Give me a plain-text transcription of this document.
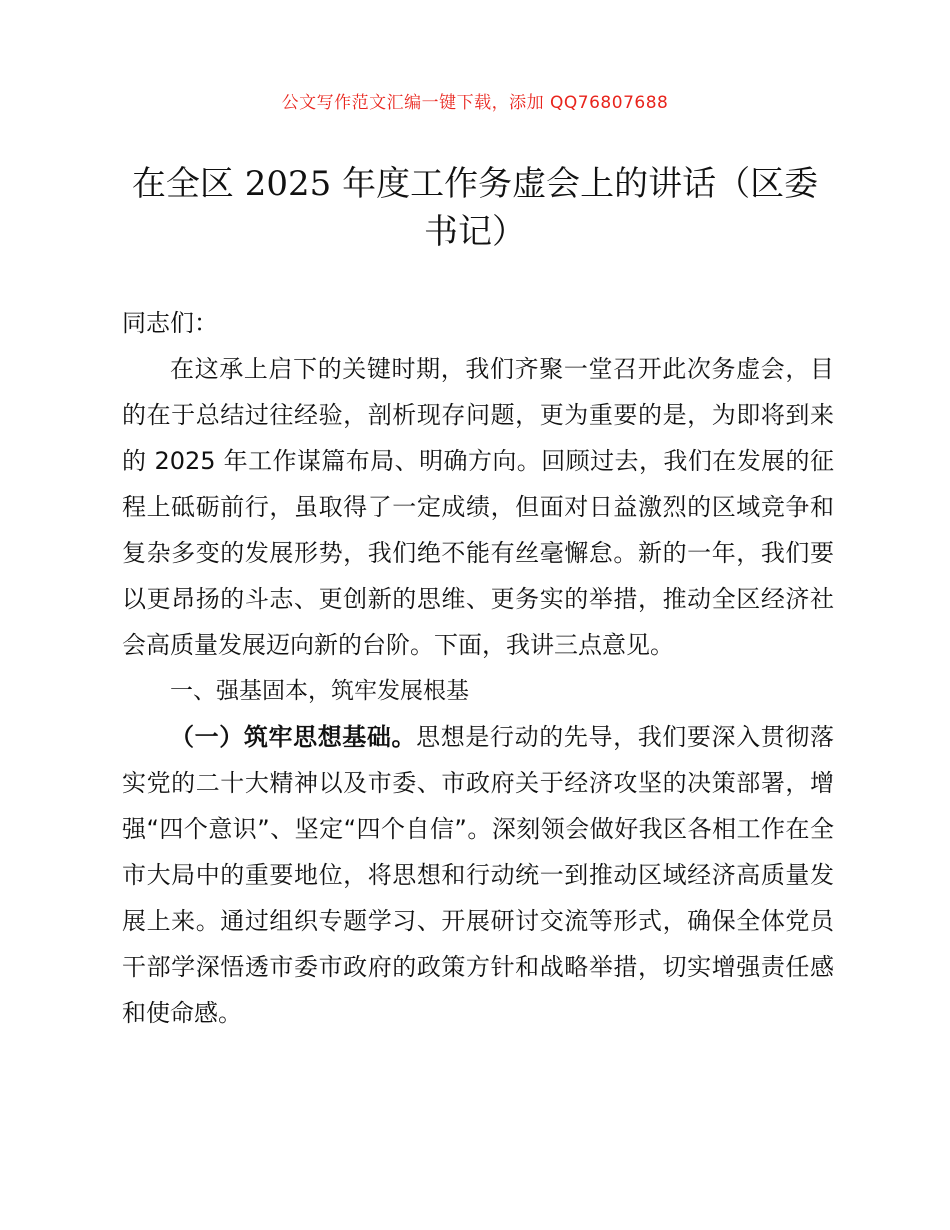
公文写作范文汇编一键下载，添加 QQ76807688
在全区 2025 年度工作务虚会上的讲话（区委书记）

同志们：

在这承上启下的关键时期，我们齐聚一堂召开此次务虚会，目的在于总结过往经验，剖析现存问题，更为重要的是，为即将到来的 2025 年工作谋篇布局、明确方向。回顾过去，我们在发展的征程上砥砺前行，虽取得了一定成绩，但面对日益激烈的区域竞争和复杂多变的发展形势，我们绝不能有丝毫懈怠。新的一年，我们要以更昂扬的斗志、更创新的思维、更务实的举措，推动全区经济社会高质量发展迈向新的台阶。下面，我讲三点意见。

一、强基固本，筑牢发展根基

（一）筑牢思想基础。思想是行动的先导，我们要深入贯彻落实党的二十大精神以及市委、市政府关于经济攻坚的决策部署，增强“四个意识”、坚定“四个自信”。深刻领会做好我区各相工作在全市大局中的重要地位，将思想和行动统一到推动区域经济高质量发展上来。通过组织专题学习、开展研讨交流等形式，确保全体党员干部学深悟透市委市政府的政策方针和战略举措，切实增强责任感和使命感。
